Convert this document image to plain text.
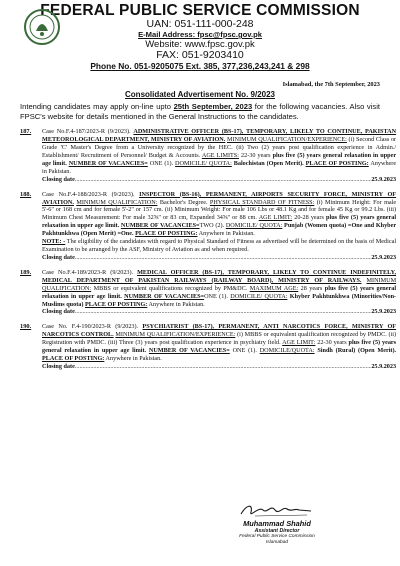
FEDERAL PUBLIC SERVICE COMMISSION
UAN: 051-111-000-248
E-Mail Address: fpsc@fpsc.gov.pk
Website: www.fpsc.gov.pk
FAX: 051-9203410
Phone No. 051-9205075 Ext. 385, 377,236,243,241 & 298
Islamabad, the 7th September, 2023
Consolidated Advertisement No. 9/2023
Intending candidates may apply on-line upto 25th September, 2023 for the following vacancies. Also visit FPSC's website for details mentioned in the General Instructions to the candidates.
187.	Case No.F.4-187/2023-R (9/2023). ADMINISTRATIVE OFFICER (BS-17), TEMPORARY, LIKELY TO CONTINUE, PAKISTAN METEOROLOGICAL DEPARTMENT, MINISTRY OF AVIATION. MINIMUM QUALIFICATION/EXPERIENCE: (i) Second Class or Grade 'C' Master's Degree from a University recognized by the HEC. (ii) Two (2) years post qualification experience in Admin./ Establishment/ Recruitment of Personnel/ Budget & Accounts. AGE LIMITS: 22-30 years plus five (5) years general relaxation in upper age limit. NUMBER OF VACANCIES= ONE (1). DOMICILE/ QUOTA: Balochistan (Open Merit). PLACE OF POSTING: Anywhere in Pakistan.
Closing date .....	25.9.2023
188.	Case No.F.4-188/2023-R (9/2023). INSPECTOR (BS-16), PERMANENT, AIRPORTS SECURITY FORCE, MINISTRY OF AVIATION. MINIMUM QUALIFICATION: Bachelor's Degree. PHYSICAL STANDARD OF FITNESS: (i) Minimum Height: For male 5'-6" or 168 cm and for female 5'-2" or 157 cm. (ii) Minimum Weight: For male 106 Lbs or 48.1 Kg and for female 45 Kg or 99.2 Lbs. (iii) Minimum Chest Measurement: For male 32⅝" or 83 cm, Expanded 34⅝" or 88 cm. AGE LIMIT: 20-28 years plus five (5) years general relaxation in upper age limit. NUMBER OF VACANCIES=TWO (2). DOMICILE/ QUOTA: Punjab (Women quota) =One and Khyber Pakhtunkhwa (Open Merit) =One. PLACE OF POSTING: Anywhere in Pakistan.
NOTE: - The eligibility of the candidates with regard to Physical Standard of Fitness as advertised will be determined on the basis of Medical Examination to be arranged by the ASF, Ministry of Aviation as and when required.
Closing date .....	25.9.2023
189.	Case No.F.4-189/2023-R (9/2023). MEDICAL OFFICER (BS-17), TEMPORARY, LIKELY TO CONTINUE INDEFINITELY, MEDICAL DEPARTMENT OF PAKISTAN RAILWAYS (RAILWAY BOARD), MINISTRY OF RAILWAYS. MINIMUM QUALIFICATION: MBBS or equivalent qualifications recognized by PM&DC. MAXIMUM AGE: 28 years plus five (5) years general relaxation in upper age limit. NUMBER OF VACANCIES=ONE (1). DOMICILE/ QUOTA: Khyber Pakhtunkhwa (Minorities/Non-Muslims quota) PLACE OF POSTING: Anywhere in Pakistan.
Closing date .....	25.9.2023
190.	Case No. F.4-190/2023-R (9/2023). PSYCHIATRIST (BS-17), PERMANENT, ANTI NARCOTICS FORCE, MINISTRY OF NARCOTICS CONTROL. MINIMUM QUALIFICATION/EXPERIENCE: (i) MBBS or equivalent qualification recognized by PMDC. (ii) Registration with PMDC. (iii) Three (3) years post qualification experience in psychiatry field. AGE LIMIT: 22-30 years plus five (5) years general relaxation in upper age limit. NUMBER OF VACANCIES= ONE (1). DOMICILE/QUOTA: Sindh (Rural) (Open Merit). PLACE OF POSTING: Anywhere in Pakistan.
Closing date .....	25.9.2023
Muhammad Shahid
Assistant Director
Federal Public Service Commission
Islamabad
